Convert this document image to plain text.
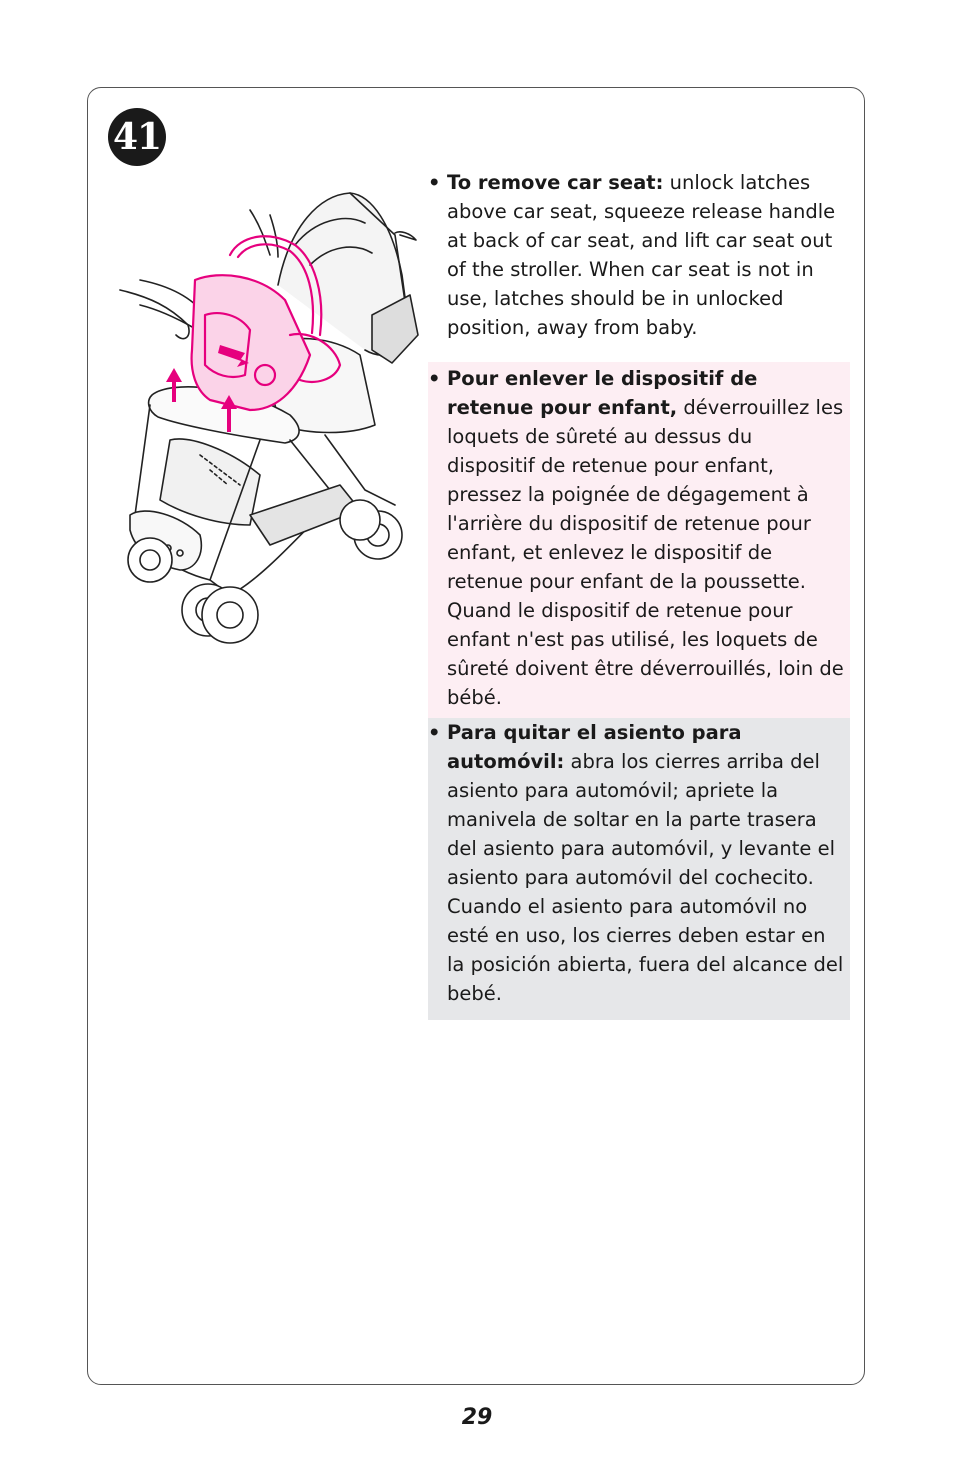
41
• To remove car seat: unlock latches above car seat, squeeze release handle at back of car seat, and lift car seat out of the stroller. When car seat is not in use, latches should be in unlocked position, away from baby.
• Pour enlever le dispositif de retenue pour enfant, déverrouillez les loquets de sûreté au dessus du dispositif de retenue pour enfant, pressez la poignée de dégagement à l'arrière du dispositif de retenue pour enfant, et enlevez le dispositif de retenue pour enfant de la poussette. Quand le dispositif de retenue pour enfant n'est pas utilisé, les loquets de sûreté doivent être déverrouillés, loin de bébé.
• Para quitar el asiento para automóvil: abra los cierres arriba del asiento para automóvil; apriete la manivela de soltar en la parte trasera del asiento para automóvil, y levante el asiento para automóvil del cochecito. Cuando el asiento para automóvil no esté en uso, los cierres deben estar en la posición abierta, fuera del alcance del bebé.
29
